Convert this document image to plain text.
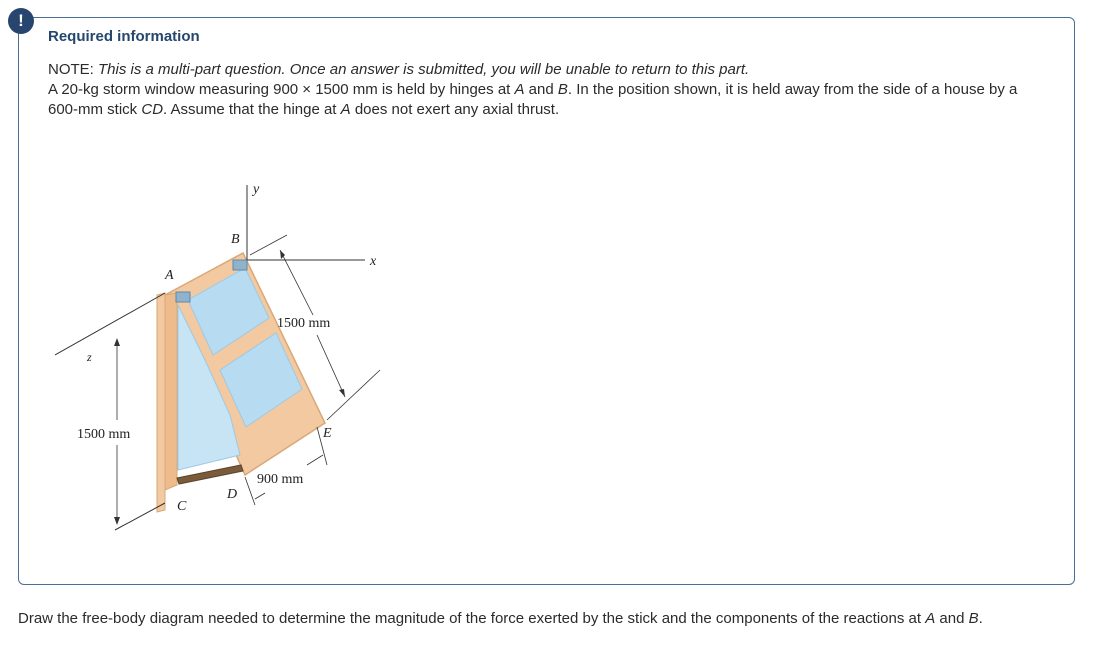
!
Required information

NOTE: This is a multi-part question. Once an answer is submitted, you will be unable to return to this part.

A 20-kg storm window measuring 900 × 1500 mm is held by hinges at A and B. In the position shown, it is held away from the side of a house by a 600-mm stick CD. Assume that the hinge at A does not exert any axial thrust.

y
x
z
A
B
C
D
E
1500 mm
1500 mm
900 mm
Draw the free-body diagram needed to determine the magnitude of the force exerted by the stick and the components of the reactions at A and B.
